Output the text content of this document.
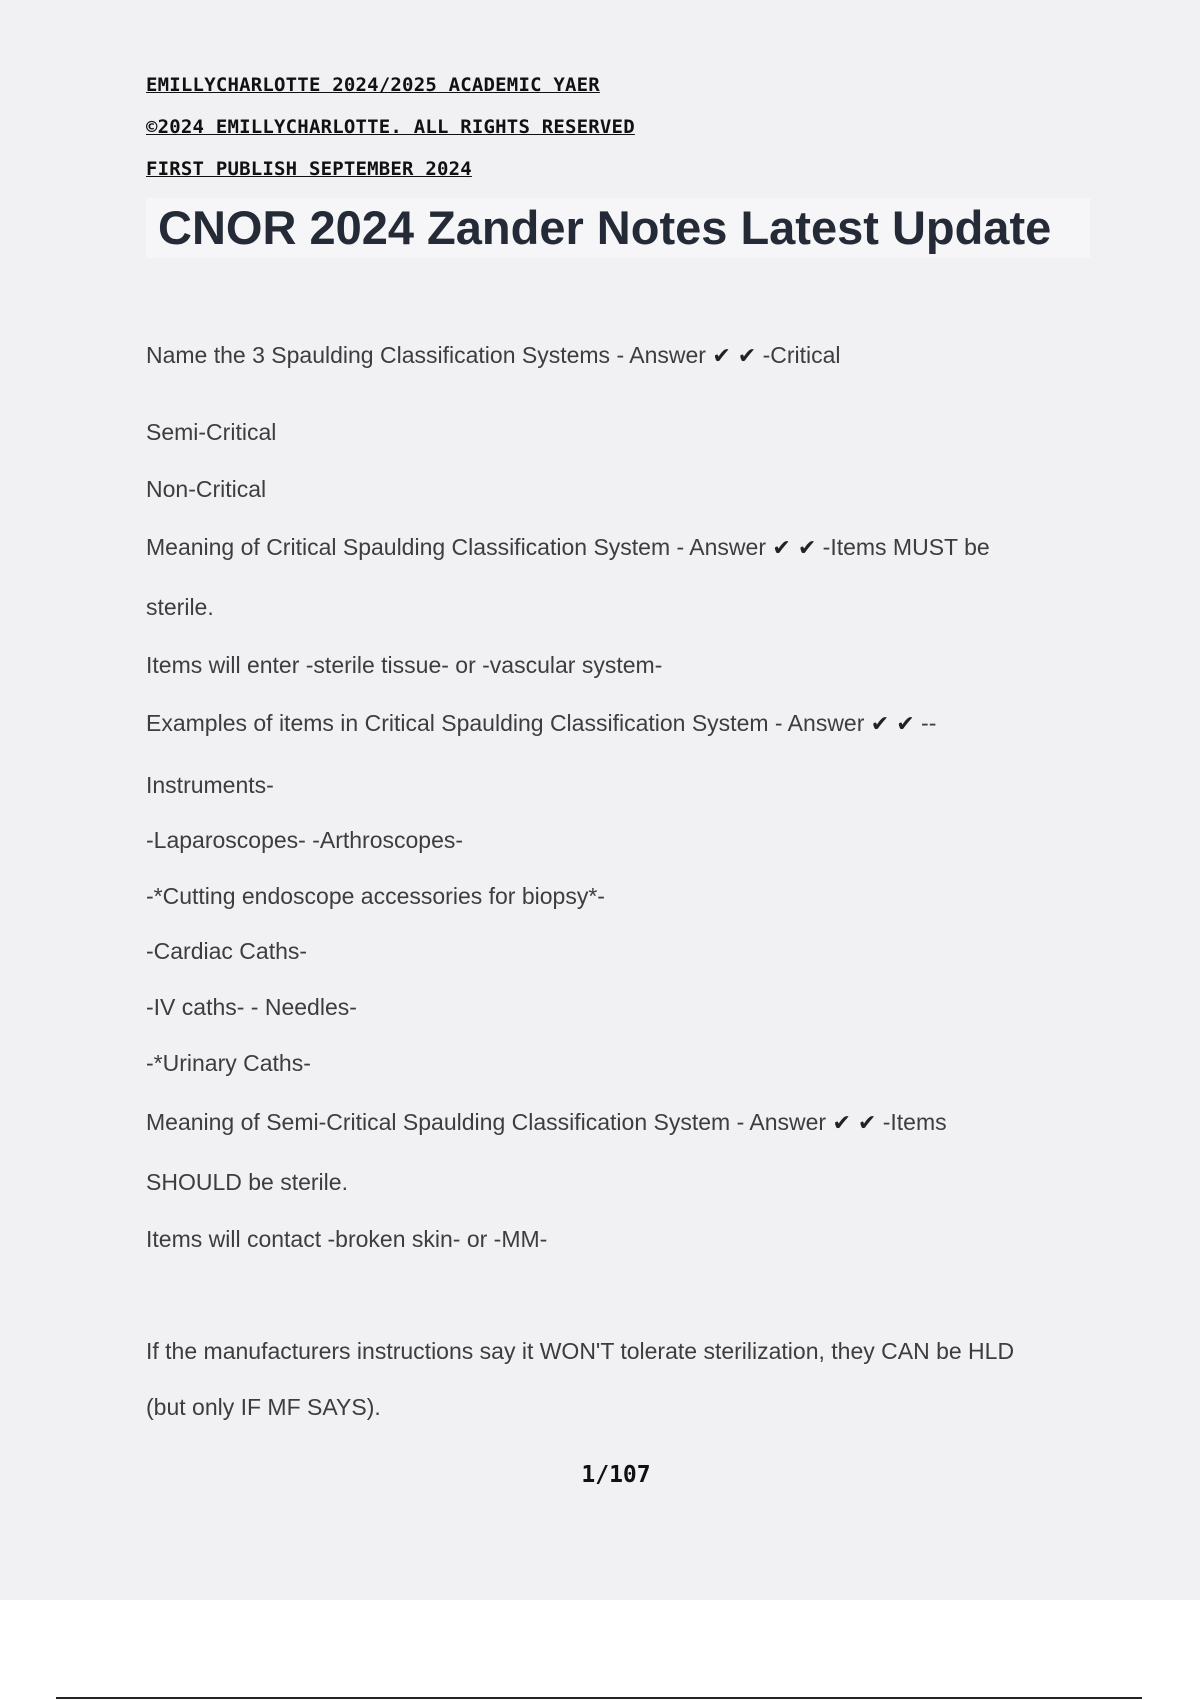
EMILLYCHARLOTTE 2024/2025 ACADEMIC YAER
©2024 EMILLYCHARLOTTE. ALL RIGHTS RESERVED
FIRST PUBLISH SEPTEMBER 2024
CNOR 2024 Zander Notes Latest Update
Name the 3 Spaulding Classification Systems - Answer ✔ ✔ -Critical
Semi-Critical
Non-Critical
Meaning of Critical Spaulding Classification System - Answer ✔ ✔ -Items MUST be
sterile.
Items will enter -sterile tissue- or -vascular system-
Examples of items in Critical Spaulding Classification System - Answer ✔ ✔ --
Instruments-
-Laparoscopes- -Arthroscopes-
-*Cutting endoscope accessories for biopsy*-
-Cardiac Caths-
-IV caths- - Needles-
-*Urinary Caths-
Meaning of Semi-Critical Spaulding Classification System - Answer ✔ ✔ -Items
SHOULD be sterile.
Items will contact -broken skin- or -MM-
If the manufacturers instructions say it WON'T tolerate sterilization, they CAN be HLD
(but only IF MF SAYS).
1/107
